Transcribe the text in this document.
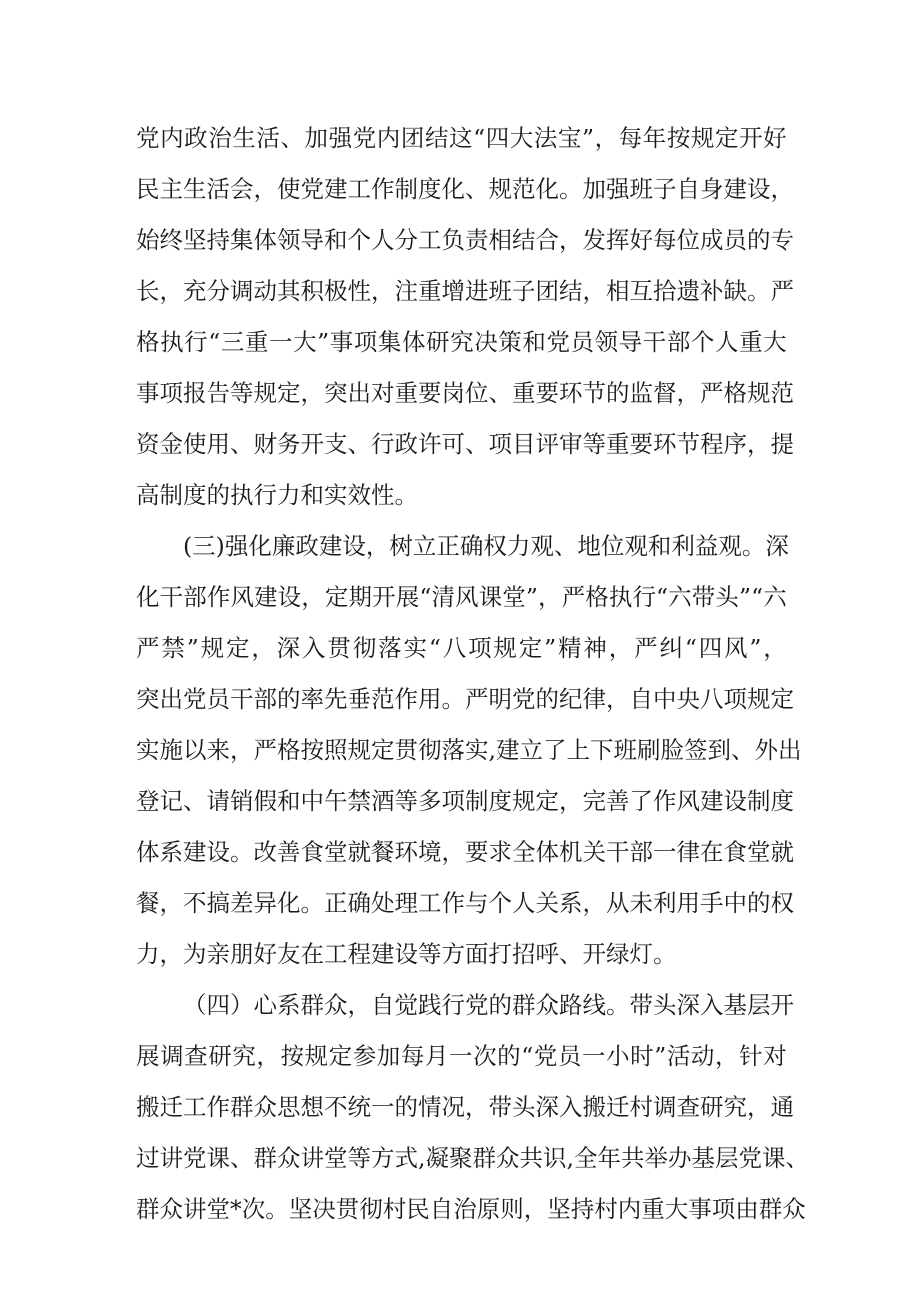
党 内 政 治 生 活 、 加 强 党 内 团 结 这 “ 四 大 法 宝 ” ， 每 年 按 规 定 开 好
民 主 生 活 会 ， 使 党 建 工 作 制 度 化 、 规 范 化 。 加 强 班 子 自 身 建 设 ，
始 终 坚 持 集 体 领 导 和 个 人 分 工 负 责 相 结 合 ， 发 挥 好 每 位 成 员 的 专
长 ， 充 分 调 动 其 积 极 性 ， 注 重 增 进 班 子 团 结 ， 相 互 拾 遗 补 缺 。 严
格 执 行 “ 三 重 一 大 ” 事 项 集 体 研 究 决 策 和 党 员 领 导 干 部 个 人 重 大
事 项 报 告 等 规 定 ， 突 出 对 重 要 岗 位 、 重 要 环 节 的 监 督 ， 严 格 规 范
资 金 使 用 、 财 务 开 支 、 行 政 许 可 、 项 目 评 审 等 重 要 环 节 程 序 ， 提
高制度的执行力和实效性。
( 三 ) 强 化 廉 政 建 设 ， 树 立 正 确 权 力 观 、 地 位 观 和 利 益 观 。 深
化 干 部 作 风 建 设 ， 定 期 开 展 “ 清 风 课 堂 ” ， 严 格 执 行 “ 六 带 头 ” “ 六
严 禁 ” 规 定 ， 深 入 贯 彻 落 实 “ 八 项 规 定 ” 精 神 ， 严 纠 “ 四 风 ” ，
突 出 党 员 干 部 的 率 先 垂 范 作 用 。 严 明 党 的 纪 律 ， 自 中 央 八 项 规 定
实 施 以 来 ， 严 格 按 照 规 定 贯 彻 落 实 , 建 立 了 上 下 班 刷 脸 签 到 、 外 出
登 记 、 请 销 假 和 中 午 禁 酒 等 多 项 制 度 规 定 ， 完 善 了 作 风 建 设 制 度
体 系 建 设 。 改 善 食 堂 就 餐 环 境 ， 要 求 全 体 机 关 干 部 一 律 在 食 堂 就
餐 ， 不 搞 差 异 化 。 正 确 处 理 工 作 与 个 人 关 系 ， 从 未 利 用 手 中 的 权
力，为亲朋好友在工程建设等方面打招呼、开绿灯。
（ 四 ） 心 系 群 众 ， 自 觉 践 行 党 的 群 众 路 线 。 带 头 深 入 基 层 开
展 调 查 研 究 ， 按 规 定 参 加 每 月 一 次 的 “ 党 员 一 小 时 ” 活 动 ， 针 对
搬 迁 工 作 群 众 思 想 不 统 一 的 情 况 ， 带 头 深 入 搬 迁 村 调 查 研 究 ， 通
过 讲 党 课 、 群 众 讲 堂 等 方 式 , 凝 聚 群 众 共 识 , 全 年 共 举 办 基 层 党 课 、
群 众 讲 堂 * 次 。 坚 决 贯 彻 村 民 自 治 原 则 ， 坚 持 村 内 重 大 事 项 由 群 众
